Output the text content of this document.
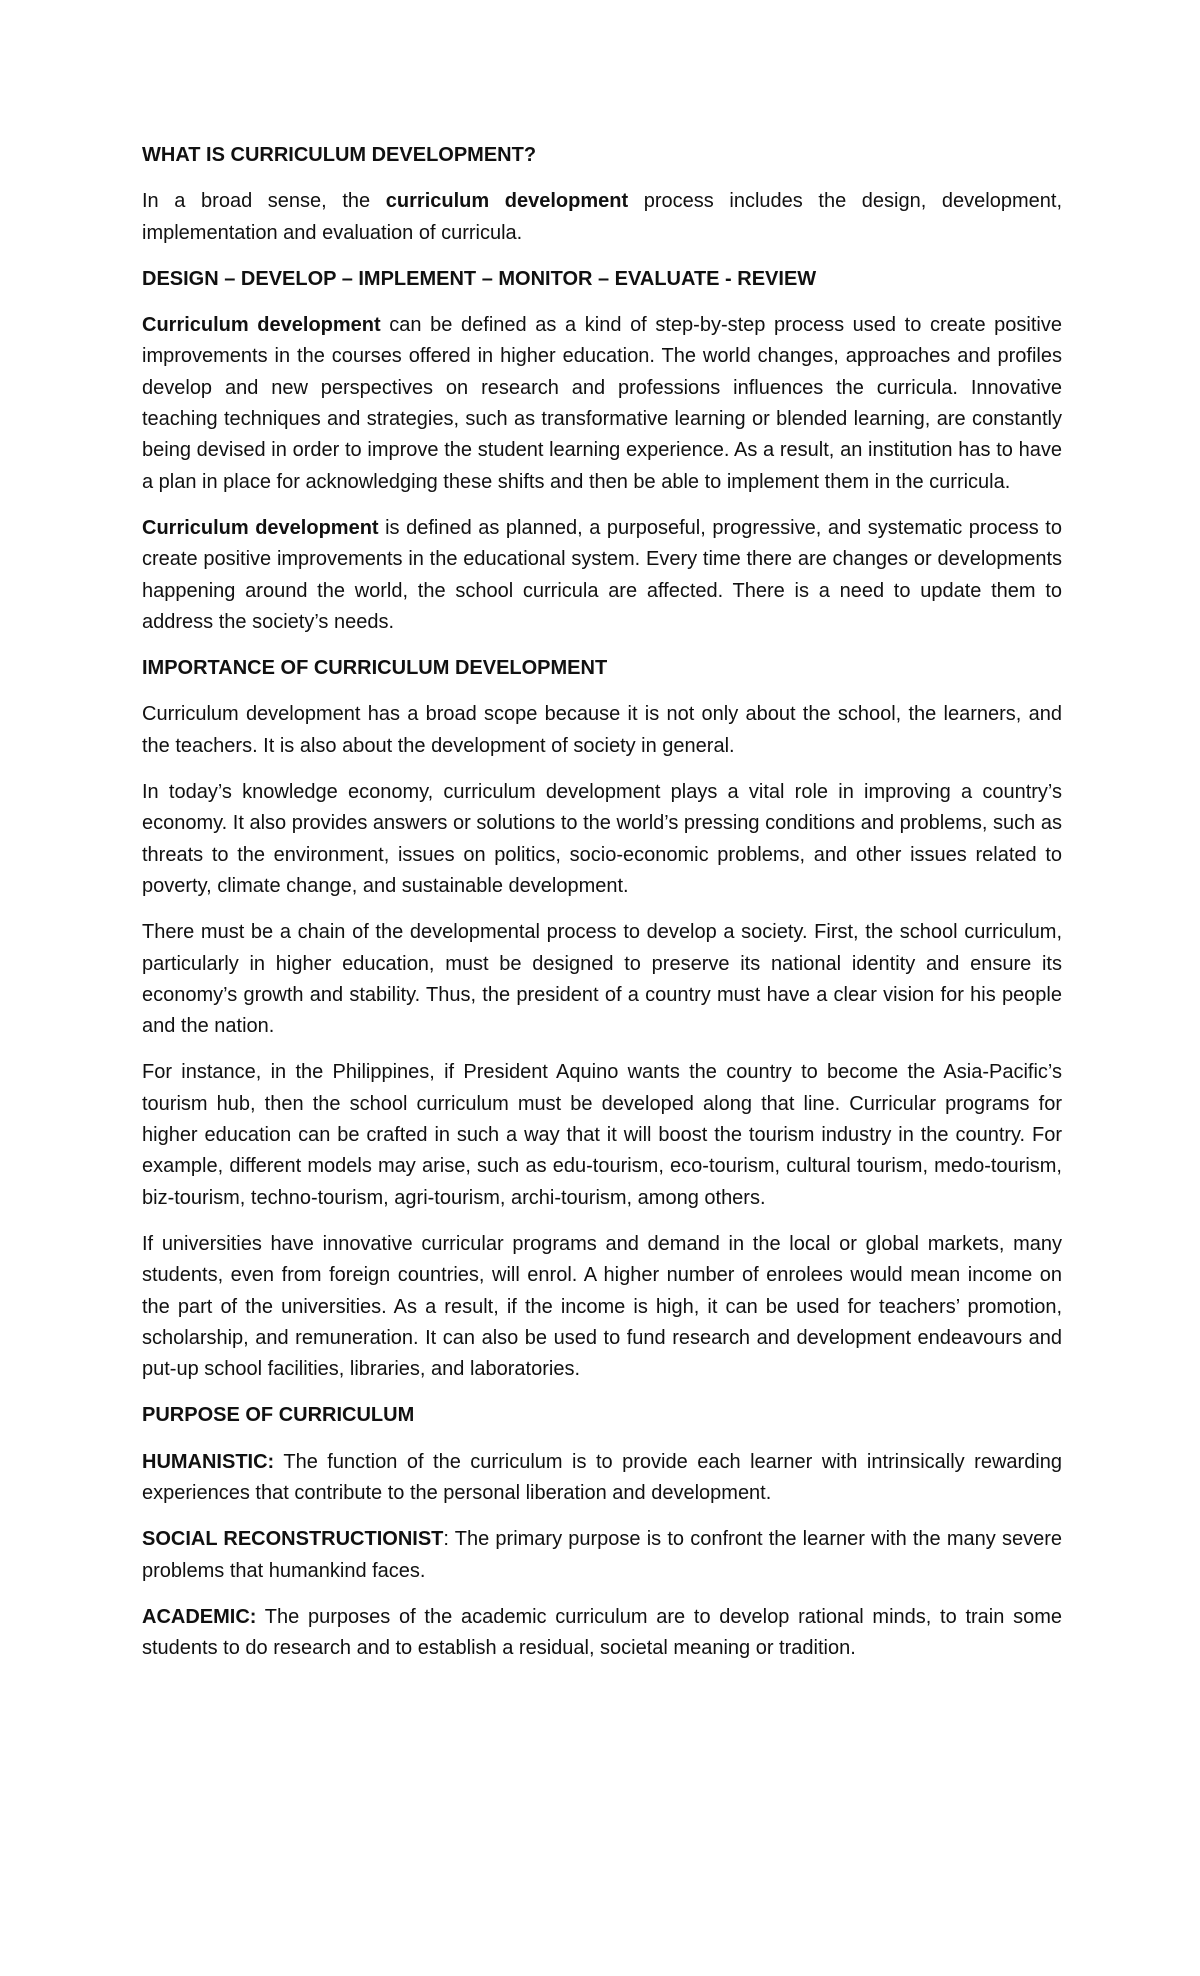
WHAT IS CURRICULUM DEVELOPMENT?

In a broad sense, the curriculum development process includes the design, development, implementation and evaluation of curricula.

DESIGN – DEVELOP – IMPLEMENT – MONITOR – EVALUATE - REVIEW

Curriculum development can be defined as a kind of step-by-step process used to create positive improvements in the courses offered in higher education. The world changes, approaches and profiles develop and new perspectives on research and professions influences the curricula. Innovative teaching techniques and strategies, such as transformative learning or blended learning, are constantly being devised in order to improve the student learning experience. As a result, an institution has to have a plan in place for acknowledging these shifts and then be able to implement them in the curricula.

Curriculum development is defined as planned, a purposeful, progressive, and systematic process to create positive improvements in the educational system. Every time there are changes or developments happening around the world, the school curricula are affected. There is a need to update them to address the society’s needs.

IMPORTANCE OF CURRICULUM DEVELOPMENT

Curriculum development has a broad scope because it is not only about the school, the learners, and the teachers. It is also about the development of society in general.

In today’s knowledge economy, curriculum development plays a vital role in improving a country’s economy. It also provides answers or solutions to the world’s pressing conditions and problems, such as threats to the environment, issues on politics, socio-economic problems, and other issues related to poverty, climate change, and sustainable development.

There must be a chain of the developmental process to develop a society. First, the school curriculum, particularly in higher education, must be designed to preserve its national identity and ensure its economy’s growth and stability. Thus, the president of a country must have a clear vision for his people and the nation.

For instance, in the Philippines, if President Aquino wants the country to become the Asia-Pacific’s tourism hub, then the school curriculum must be developed along that line. Curricular programs for higher education can be crafted in such a way that it will boost the tourism industry in the country. For example, different models may arise, such as edu-tourism, eco-tourism, cultural tourism, medo-tourism, biz-tourism, techno-tourism, agri-tourism, archi-tourism, among others.

If universities have innovative curricular programs and demand in the local or global markets, many students, even from foreign countries, will enrol. A higher number of enrolees would mean income on the part of the universities. As a result, if the income is high, it can be used for teachers’ promotion, scholarship, and remuneration. It can also be used to fund research and development endeavours and put-up school facilities, libraries, and laboratories.

PURPOSE OF CURRICULUM

HUMANISTIC: The function of the curriculum is to provide each learner with intrinsically rewarding experiences that contribute to the personal liberation and development.

SOCIAL RECONSTRUCTIONIST: The primary purpose is to confront the learner with the many severe problems that humankind faces.

ACADEMIC: The purposes of the academic curriculum are to develop rational minds, to train some students to do research and to establish a residual, societal meaning or tradition.
